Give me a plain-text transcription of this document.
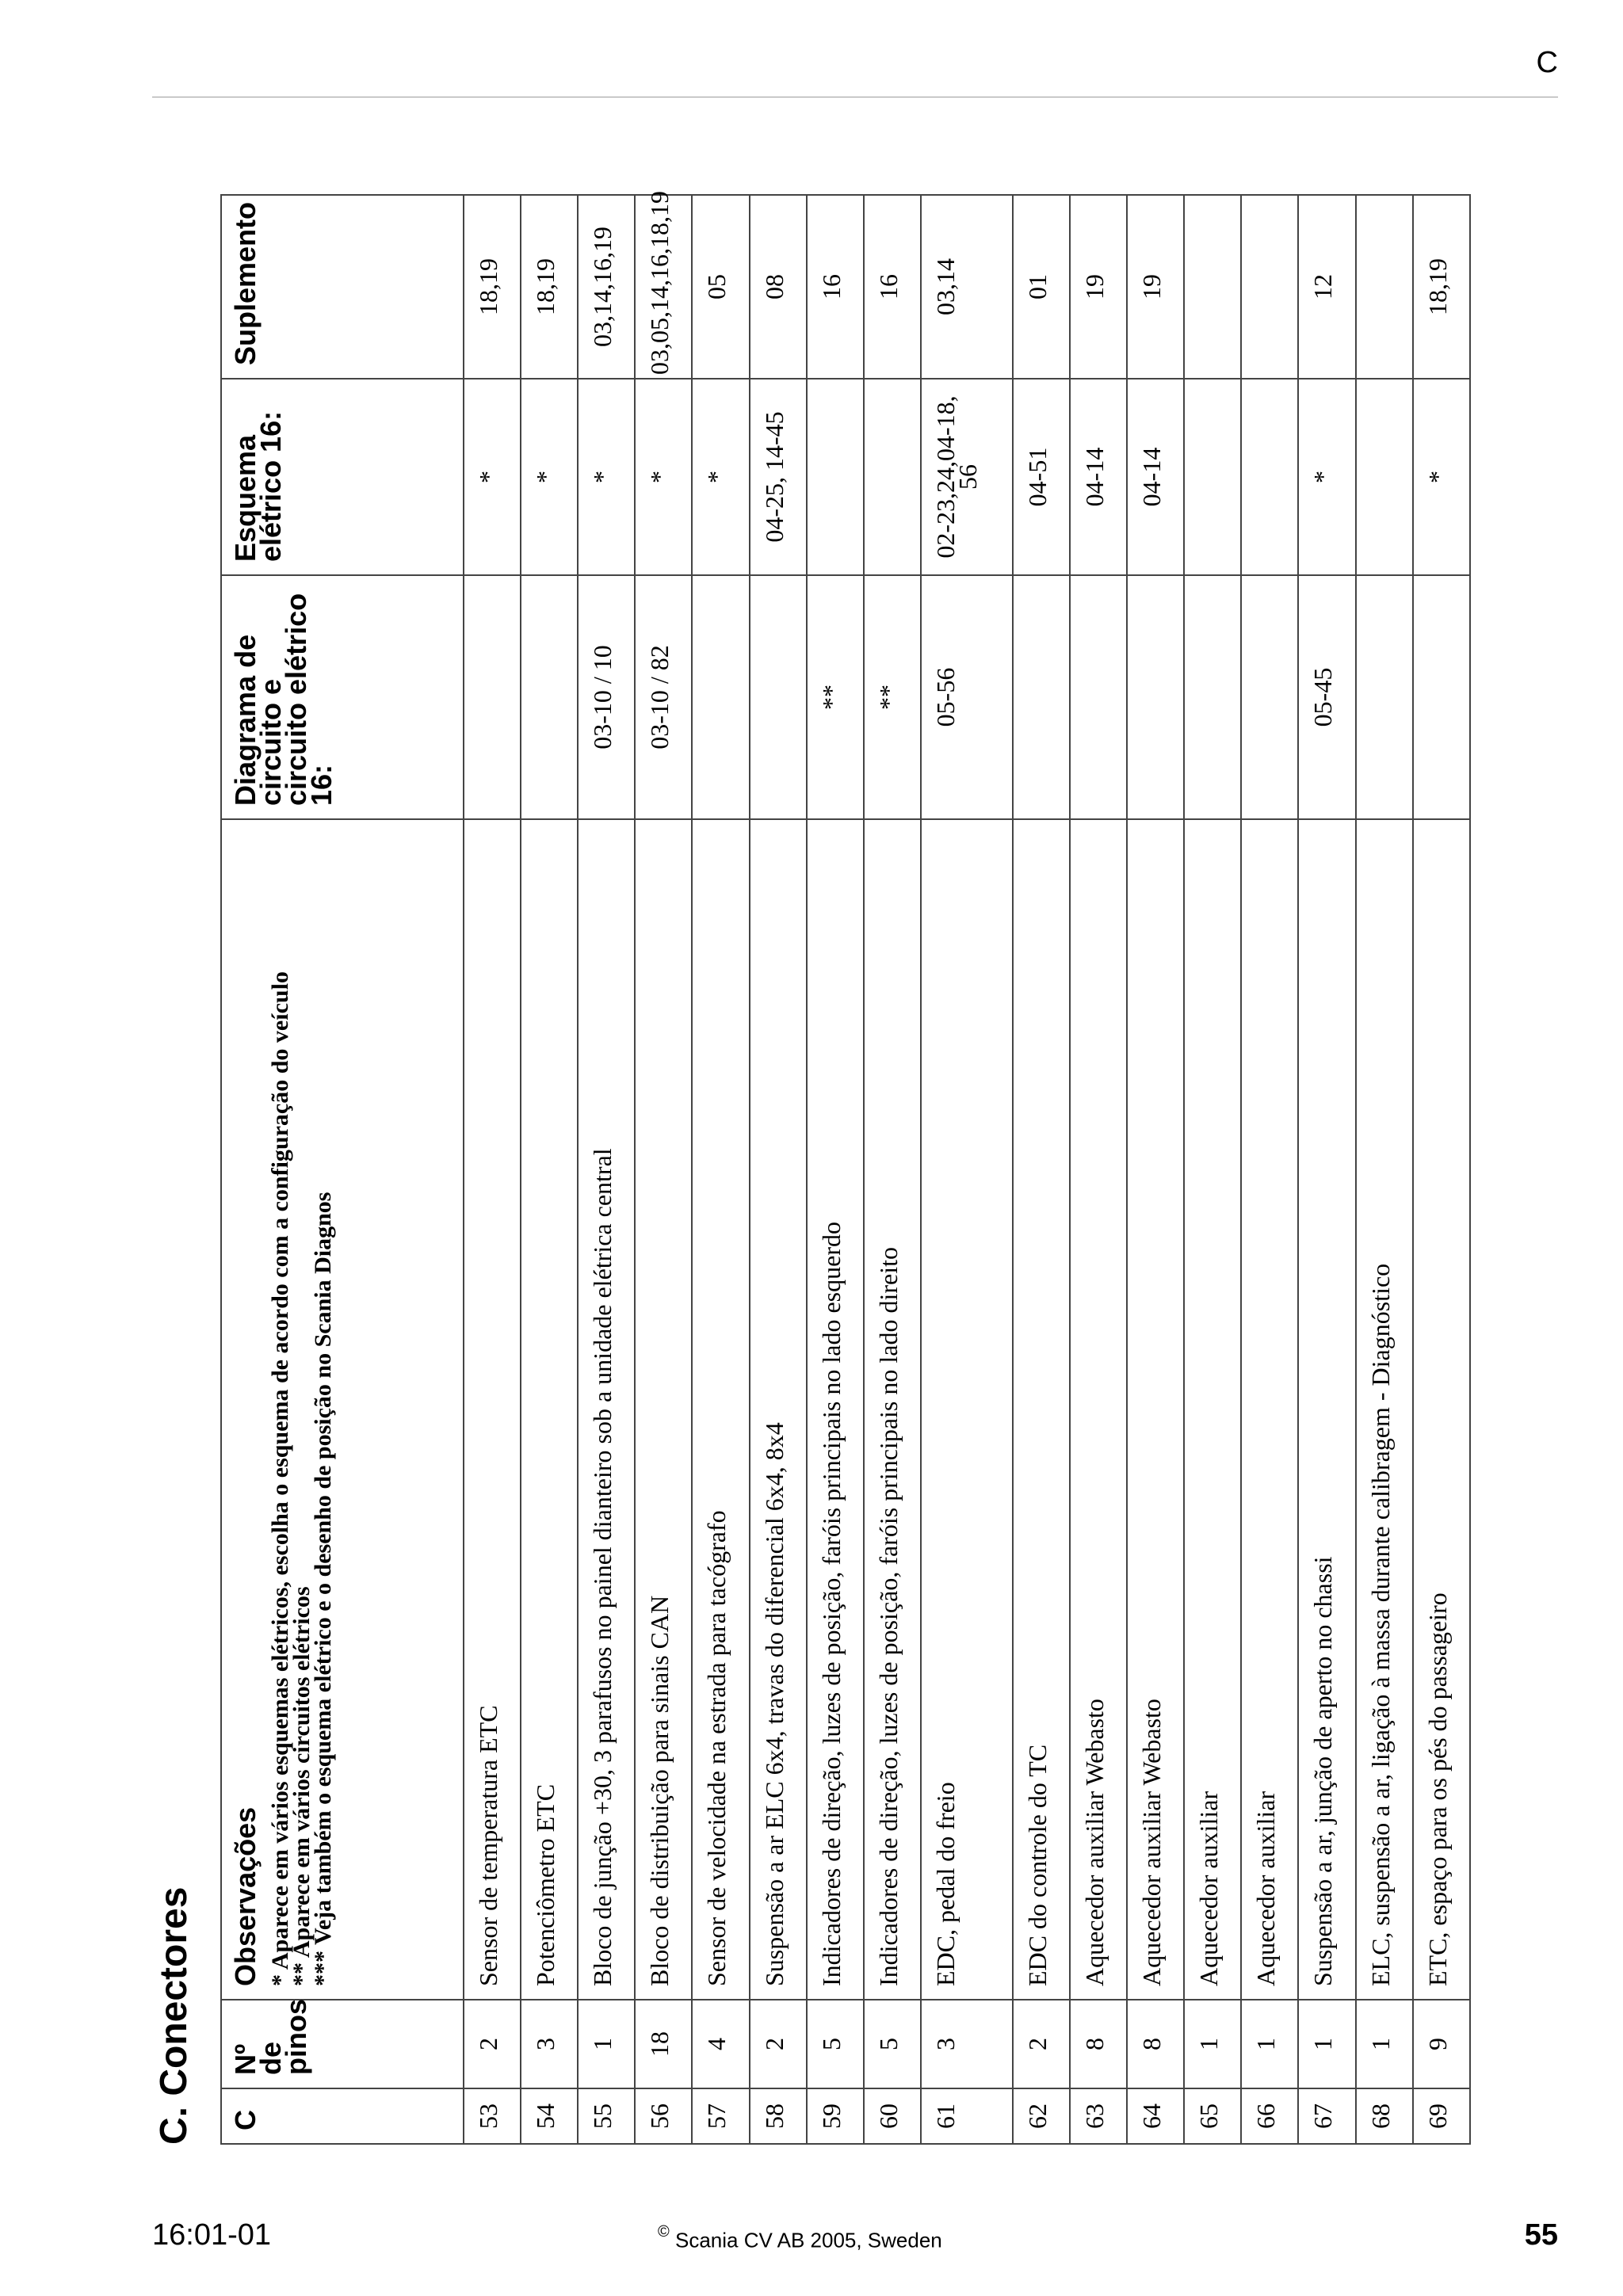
C
C. Conectores C	Nº de pinos	Observações * Aparece em vários esquemas elétricos, escolha o esquema de acordo com a configuração do veículo
** Aparece em vários circuitos elétricos
*** Veja também o esquema elétrico e o desenho de posição no Scania Diagnos	Diagrama de circuito e circuito elétrico 16:	Esquema elétrico 16:	Suplemento
53	2	Sensor de temperatura ETC		*	18,19
54	3	Potenciômetro ETC		*	18,19
55	1	Bloco de junção +30, 3 parafusos no painel dianteiro sob a unidade elétrica central	03-10 / 10	*	03,14,16,19
56	18	Bloco de distribuição para sinais CAN	03-10 / 82	*	03,05,14,16,18,19
57	4	Sensor de velocidade na estrada para tacógrafo		*	05
58	2	Suspensão a ar ELC 6x4, travas do diferencial 6x4, 8x4		04-25, 14-45	08
59	5	Indicadores de direção, luzes de posição, faróis principais no lado esquerdo	**		16
60	5	Indicadores de direção, luzes de posição, faróis principais no lado direito	**		16
61	3	EDC, pedal do freio	05-56	02-23,24,04-18, 56	03,14
62	2	EDC do controle do TC		04-51	01
63	8	Aquecedor auxiliar Webasto		04-14	19
64	8	Aquecedor auxiliar Webasto		04-14	19
65	1	Aquecedor auxiliar			
66	1	Aquecedor auxiliar			
67	1	Suspensão a ar, junção de aperto no chassi	05-45	*	12
68	1	ELC, suspensão a ar, ligação à massa durante calibragem - Diagnóstico			
69	9	ETC, espaço para os pés do passageiro		*	18,19
16:01-01	© Scania CV AB 2005, Sweden	55
